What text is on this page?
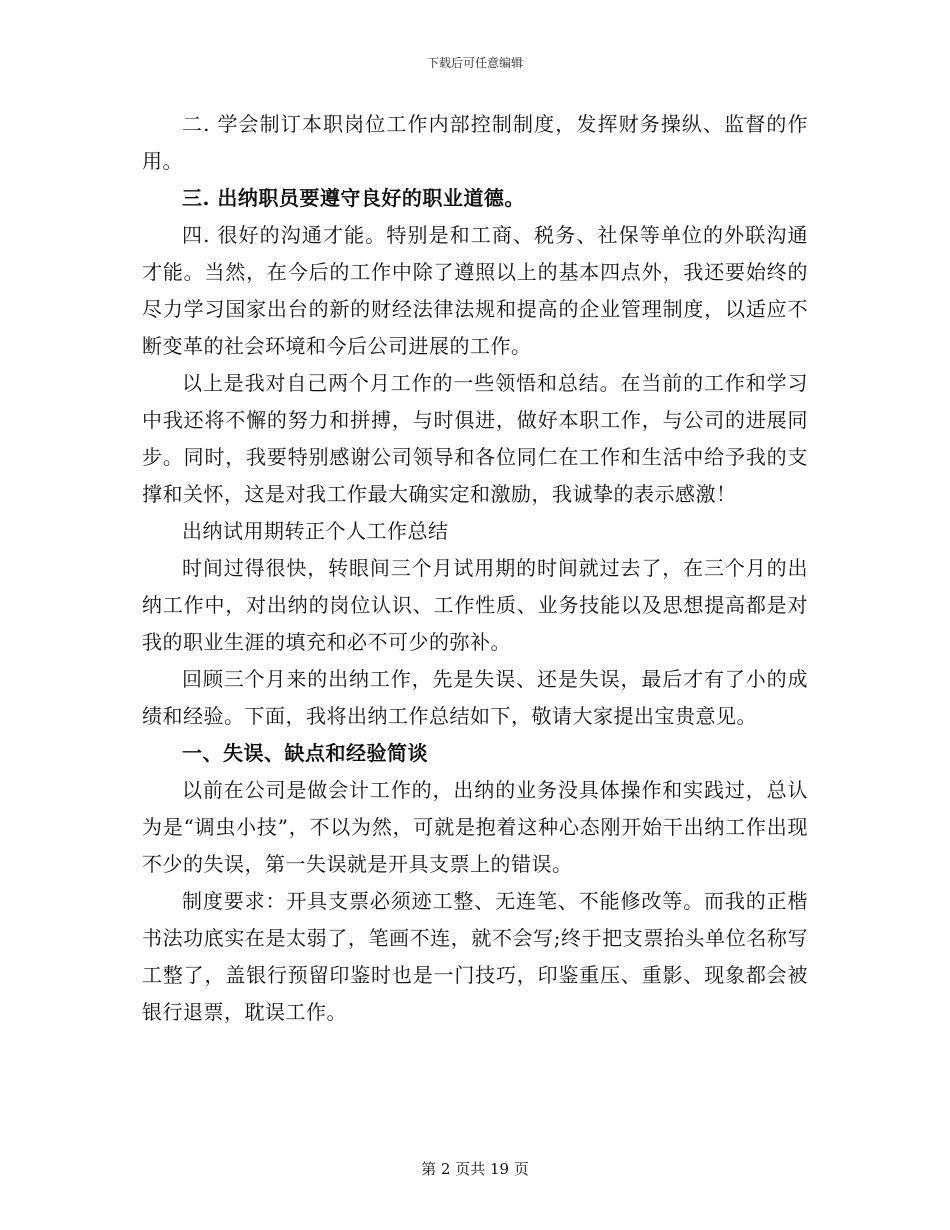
下载后可任意编辑

二. 学会制订本职岗位工作内部控制制度，发挥财务操纵、监督的作用。

三. 出纳职员要遵守良好的职业道德。

四. 很好的沟通才能。特别是和工商、税务、社保等单位的外联沟通才能。当然，在今后的工作中除了遵照以上的基本四点外，我还要始终的尽力学习国家出台的新的财经法律法规和提高的企业管理制度，以适应不断变革的社会环境和今后公司进展的工作。

以上是我对自己两个月工作的一些领悟和总结。在当前的工作和学习中我还将不懈的努力和拼搏，与时俱进，做好本职工作，与公司的进展同步。同时，我要特别感谢公司领导和各位同仁在工作和生活中给予我的支撑和关怀，这是对我工作最大确实定和激励，我诚挚的表示感激！

出纳试用期转正个人工作总结

时间过得很快，转眼间三个月试用期的时间就过去了，在三个月的出纳工作中，对出纳的岗位认识、工作性质、业务技能以及思想提高都是对我的职业生涯的填充和必不可少的弥补。

回顾三个月来的出纳工作，先是失误、还是失误，最后才有了小的成绩和经验。下面，我将出纳工作总结如下，敬请大家提出宝贵意见。

一、失误、缺点和经验简谈

以前在公司是做会计工作的，出纳的业务没具体操作和实践过，总认为是“调虫小技”，不以为然，可就是抱着这种心态刚开始干出纳工作出现不少的失误，第一失误就是开具支票上的错误。

制度要求：开具支票必须迹工整、无连笔、不能修改等。而我的正楷书法功底实在是太弱了，笔画不连，就不会写;终于把支票抬头单位名称写工整了，盖银行预留印鉴时也是一门技巧，印鉴重压、重影、现象都会被银行退票，耽误工作。

第 2 页共 19 页
